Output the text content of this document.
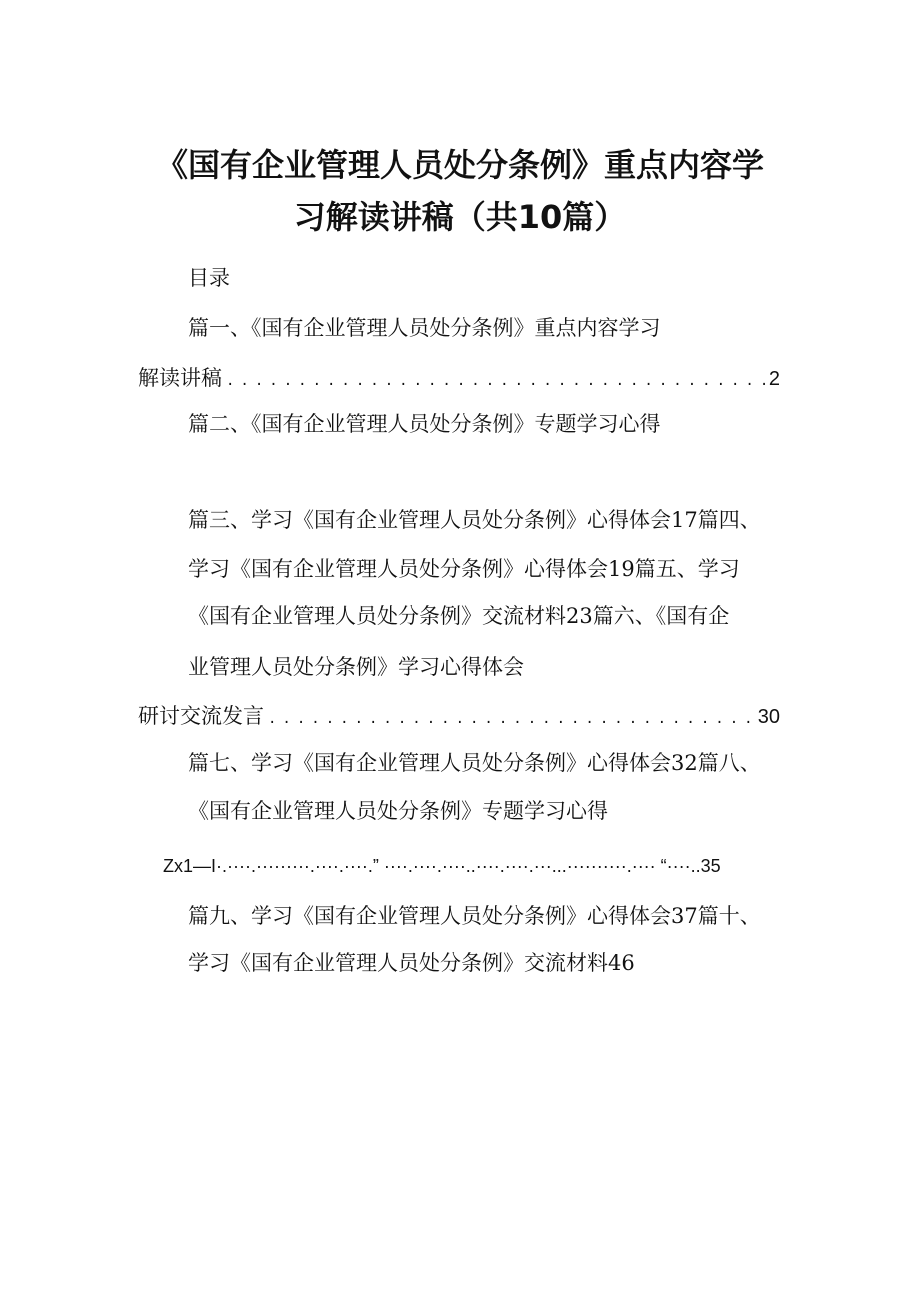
《国有企业管理人员处分条例》重点内容学
习解读讲稿（共10篇）
目录
篇一、《国有企业管理人员处分条例》重点内容学习
解读讲稿 .....	2
篇二、《国有企业管理人员处分条例》专题学习心得
篇三、学习《国有企业管理人员处分条例》心得体会17篇四、
学习《国有企业管理人员处分条例》心得体会19篇五、学习
《国有企业管理人员处分条例》交流材料23篇六、《国有企
业管理人员处分条例》学习心得体会
研讨交流发言 .....	30
篇七、学习《国有企业管理人员处分条例》心得体会32篇八、
《国有企业管理人员处分条例》专题学习心得
Zx1—I·.····.·········.····.····.” ····.····.····..····.····.···...··········.···· “····..35
篇九、学习《国有企业管理人员处分条例》心得体会37篇十、
学习《国有企业管理人员处分条例》交流材料46
